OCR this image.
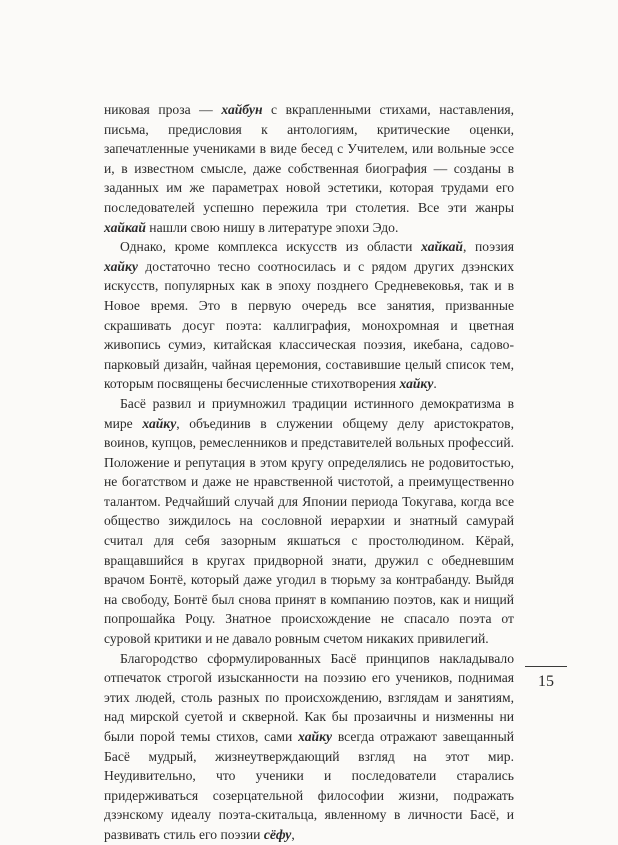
никовая проза — хайбун с вкрапленными стихами, наставления, письма, предисловия к антологиям, критические оценки, запечатленные учениками в виде бесед с Учителем, или вольные эссе и, в известном смысле, даже собственная биография — созданы в заданных им же параметрах новой эстетики, которая трудами его последователей успешно пережила три столетия. Все эти жанры хайкай нашли свою нишу в литературе эпохи Эдо.

Однако, кроме комплекса искусств из области хайкай, поэзия хайку достаточно тесно соотносилась и с рядом других дзэнских искусств, популярных как в эпоху позднего Средневековья, так и в Новое время. Это в первую очередь все занятия, призванные скрашивать досуг поэта: каллиграфия, монохромная и цветная живопись сумиэ, китайская классическая поэзия, икебана, садово-парковый дизайн, чайная церемония, составившие целый список тем, которым посвящены бесчисленные стихотворения хайку.

Басё развил и приумножил традиции истинного демократизма в мире хайку, объединив в служении общему делу аристократов, воинов, купцов, ремесленников и представителей вольных профессий. Положение и репутация в этом кругу определялись не родовитостью, не богатством и даже не нравственной чистотой, а преимущественно талантом. Редчайший случай для Японии периода Токугава, когда все общество зиждилось на сословной иерархии и знатный самурай считал для себя зазорным якшаться с простолюдином. Кёрай, вращавшийся в кругах придворной знати, дружил с обедневшим врачом Бонтё, который даже угодил в тюрьму за контрабанду. Выйдя на свободу, Бонтё был снова принят в компанию поэтов, как и нищий попрошайка Роцу. Знатное происхождение не спасало поэта от суровой критики и не давало ровным счетом никаких привилегий.

Благородство сформулированных Басё принципов накладывало отпечаток строгой изысканности на поэзию его учеников, поднимая этих людей, столь разных по происхождению, взглядам и занятиям, над мирской суетой и скверной. Как бы прозаичны и низменны ни были порой темы стихов, сами хайку всегда отражают завещанный Басё мудрый, жизнеутверждающий взгляд на этот мир. Неудивительно, что ученики и последователи старались придерживаться созерцательной философии жизни, подражать дзэнскому идеалу поэта-скитальца, явленному в личности Басё, и развивать стиль его поэзии сёфу,

15
